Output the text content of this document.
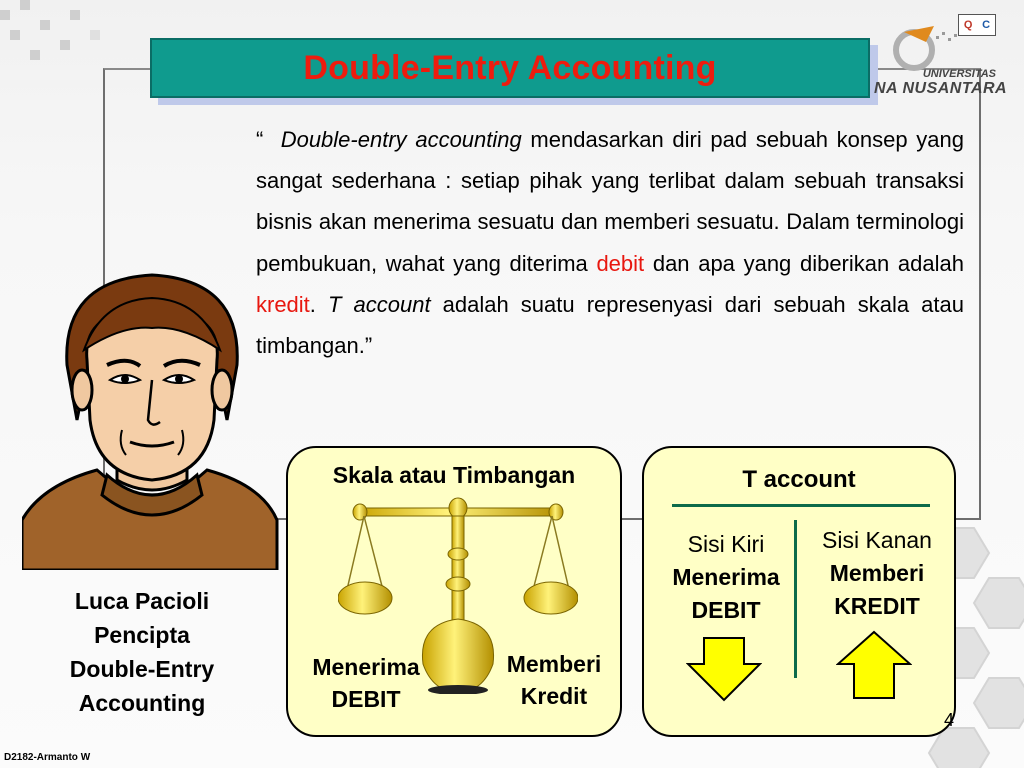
Double-Entry Accounting	UNIVERSITAS
NA NUSANTARA
Q C
“ Double-entry accounting mendasarkan diri pad sebuah konsep yang sangat sederhana : setiap pihak yang terlibat dalam sebuah transaksi bisnis akan menerima sesuatu dan memberi sesuatu. Dalam terminologi pembukuan, wahat yang diterima debit dan apa yang diberikan adalah kredit. T account adalah suatu represenyasi dari sebuah skala atau timbangan.”
Luca Pacioli
Pencipta
Double-Entry
Accounting
Skala atau Timbangan
Menerima
DEBIT
Memberi
Kredit
T account
Sisi Kiri
Menerima
DEBIT
Sisi Kanan
Memberi
KREDIT
4
D2182-Armanto W
